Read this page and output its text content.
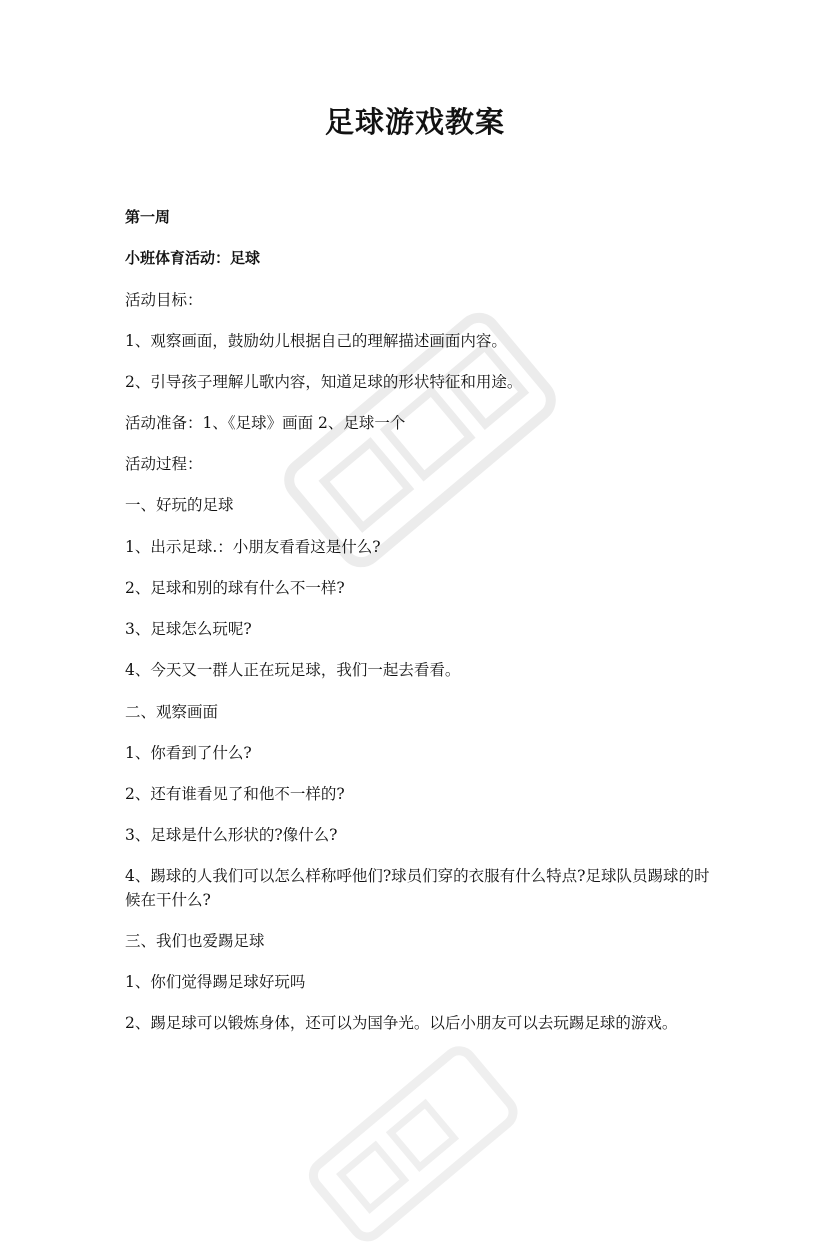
足球游戏教案
第一周
小班体育活动：足球
活动目标：
1、观察画面，鼓励幼儿根据自己的理解描述画面内容。
2、引导孩子理解儿歌内容，知道足球的形状特征和用途。
活动准备：1、《足球》画面 2、足球一个
活动过程：
一、好玩的足球
1、出示足球.：小朋友看看这是什么?
2、足球和别的球有什么不一样?
3、足球怎么玩呢?
4、今天又一群人正在玩足球，我们一起去看看。
二、观察画面
1、你看到了什么?
2、还有谁看见了和他不一样的?
3、足球是什么形状的?像什么?
4、踢球的人我们可以怎么样称呼他们?球员们穿的衣服有什么特点?足球队员踢球的时候在干什么?
三、我们也爱踢足球
1、你们觉得踢足球好玩吗
2、踢足球可以锻炼身体，还可以为国争光。以后小朋友可以去玩踢足球的游戏。
